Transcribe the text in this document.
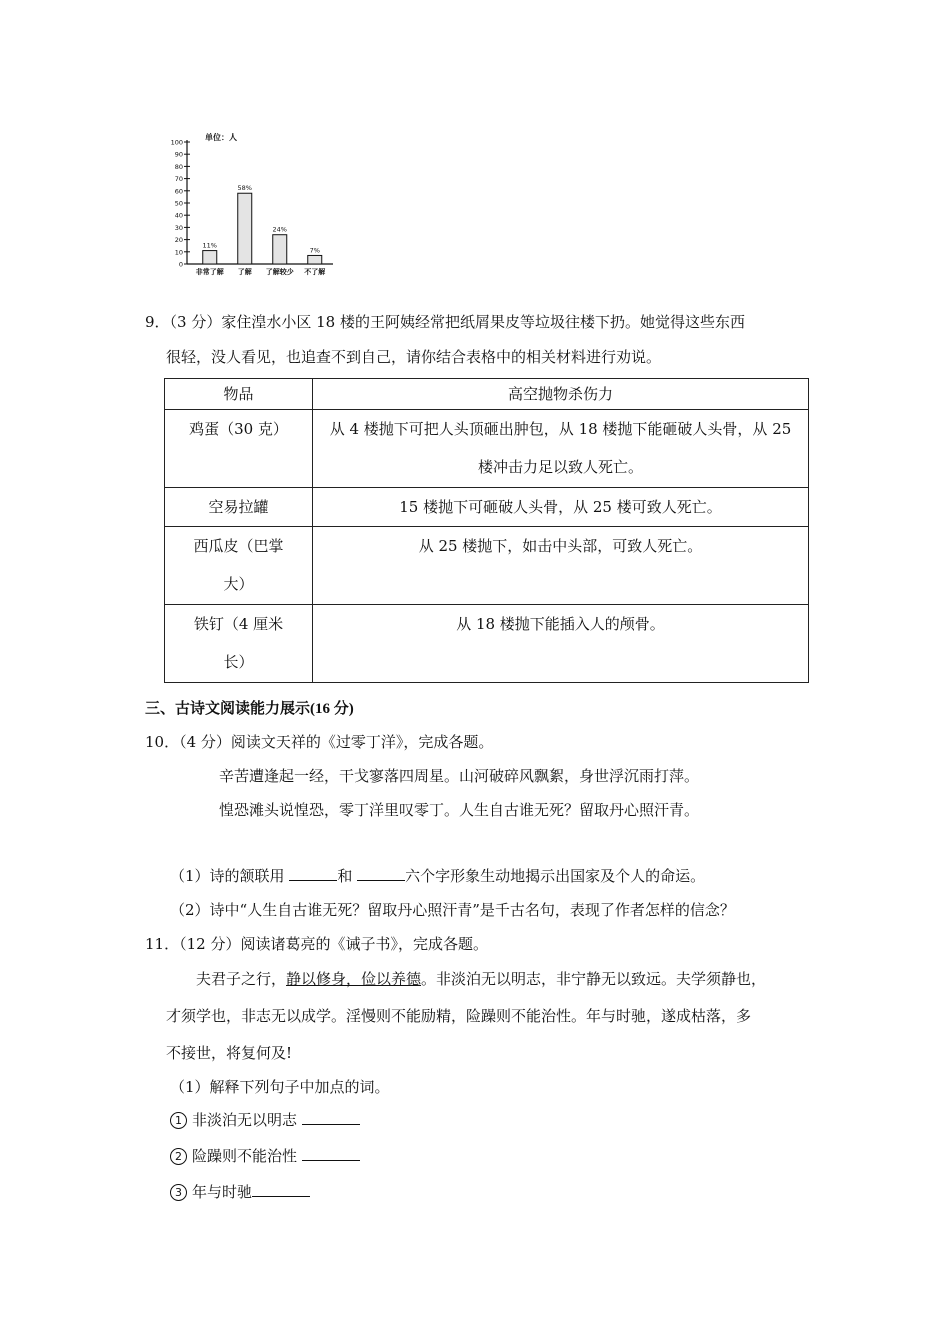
0
10
20
30
40
50
60
70
80
90
100
11%
非常了解
58%
了解
24%
了解较少
7%
不了解
单位：人
9．（3 分）家住湟水小区 18 楼的王阿姨经常把纸屑果皮等垃圾往楼下扔。她觉得这些东西
很轻，没人看见，也追查不到自己，请你结合表格中的相关材料进行劝说。
物品	高空抛物杀伤力
鸡蛋（30 克）	从 4 楼抛下可把人头顶砸出肿包，从 18 楼抛下能砸破人头骨，从 25 楼冲击力足以致人死亡。
空易拉罐	15 楼抛下可砸破人头骨，从 25 楼可致人死亡。
西瓜皮（巴掌大）	从 25 楼抛下，如击中头部，可致人死亡。
铁钉（4 厘米长）	从 18 楼抛下能插入人的颅骨。
三、古诗文阅读能力展示(16 分)
10．（4 分）阅读文天祥的《过零丁洋》，完成各题。
辛苦遭逢起一经，干戈寥落四周星。山河破碎风飘絮，身世浮沉雨打萍。
惶恐滩头说惶恐，零丁洋里叹零丁。人生自古谁无死？留取丹心照汗青。
（1）诗的颔联用	和	六个字形象生动地揭示出国家及个人的命运。
（2）诗中“人生自古谁无死？留取丹心照汗青”是千古名句，表现了作者怎样的信念？
11．（12 分）阅读诸葛亮的《诫子书》，完成各题。
夫君子之行，静以修身，俭以养德。非淡泊无以明志，非宁静无以致远。夫学须静也，
才须学也，非志无以成学。淫慢则不能励精，险躁则不能治性。年与时驰，遂成枯落，多
不接世，将复何及!
（1）解释下列句子中加点的词。
1 非淡泊无以明志
2 险躁则不能治性
3 年与时驰
